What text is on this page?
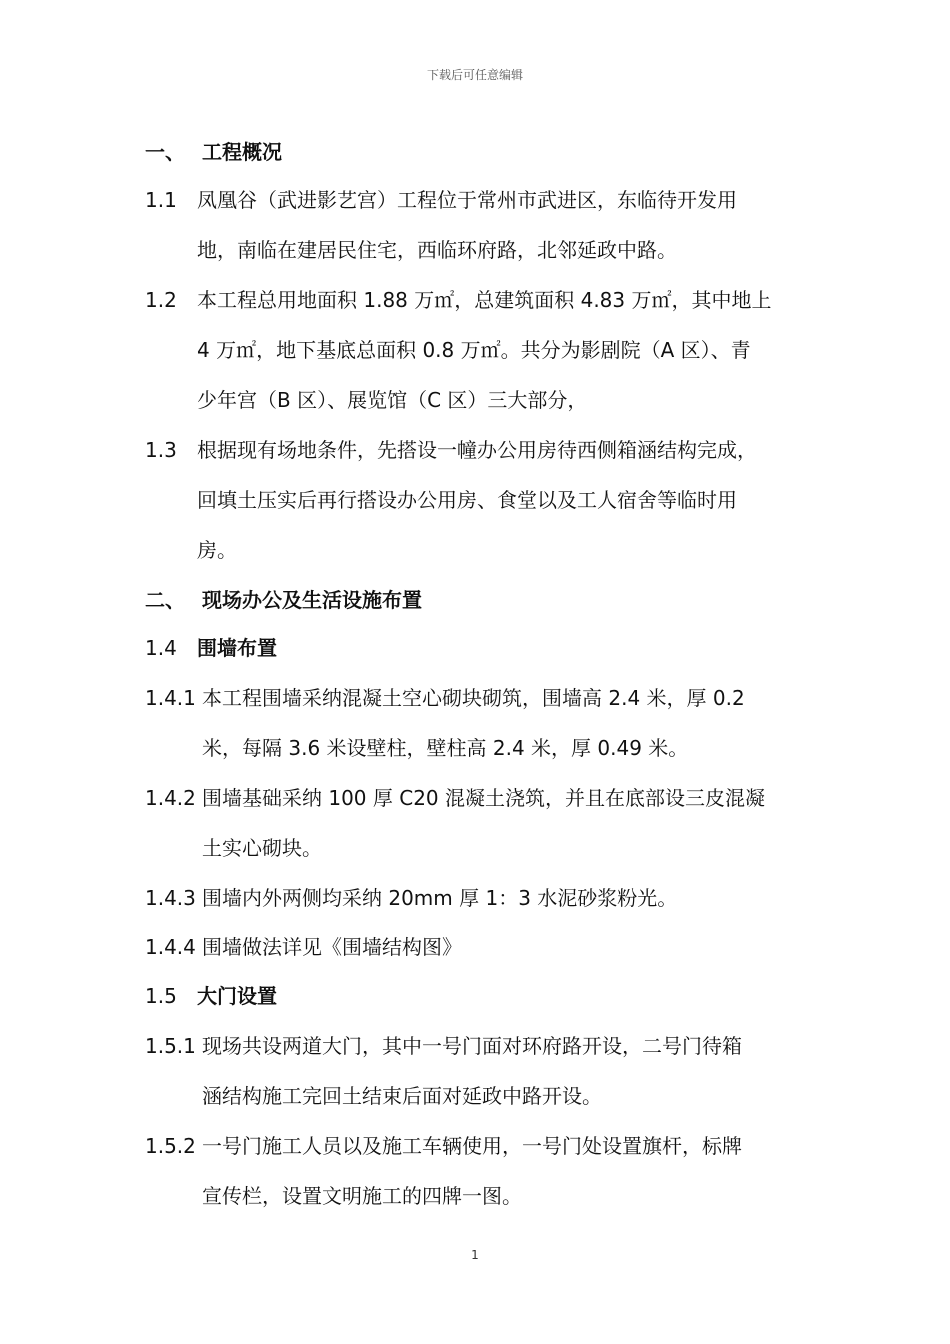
下载后可任意编辑
一、 工程概况
1.1 凤凰谷（武进影艺宫）工程位于常州市武进区，东临待开发用
地，南临在建居民住宅，西临环府路，北邻延政中路。
1.2 本工程总用地面积 1.88 万㎡，总建筑面积 4.83 万㎡，其中地上
4 万㎡，地下基底总面积 0.8 万㎡。共分为影剧院（A 区）、青
少年宫（B 区）、展览馆（C 区）三大部分，
1.3 根据现有场地条件，先搭设一幢办公用房待西侧箱涵结构完成，
回填土压实后再行搭设办公用房、食堂以及工人宿舍等临时用
房。
二、 现场办公及生活设施布置
1.4 围墙布置
1.4.1 本工程围墙采纳混凝土空心砌块砌筑，围墙高 2.4 米，厚 0.2
米，每隔 3.6 米设壁柱，壁柱高 2.4 米，厚 0.49 米。
1.4.2 围墙基础采纳 100 厚 C20 混凝土浇筑，并且在底部设三皮混凝
土实心砌块。
1.4.3 围墙内外两侧均采纳 20mm 厚 1：3 水泥砂浆粉光。
1.4.4 围墙做法详见《围墙结构图》
1.5 大门设置
1.5.1 现场共设两道大门，其中一号门面对环府路开设，二号门待箱
涵结构施工完回土结束后面对延政中路开设。
1.5.2 一号门施工人员以及施工车辆使用，一号门处设置旗杆，标牌
宣传栏，设置文明施工的四牌一图。
1
